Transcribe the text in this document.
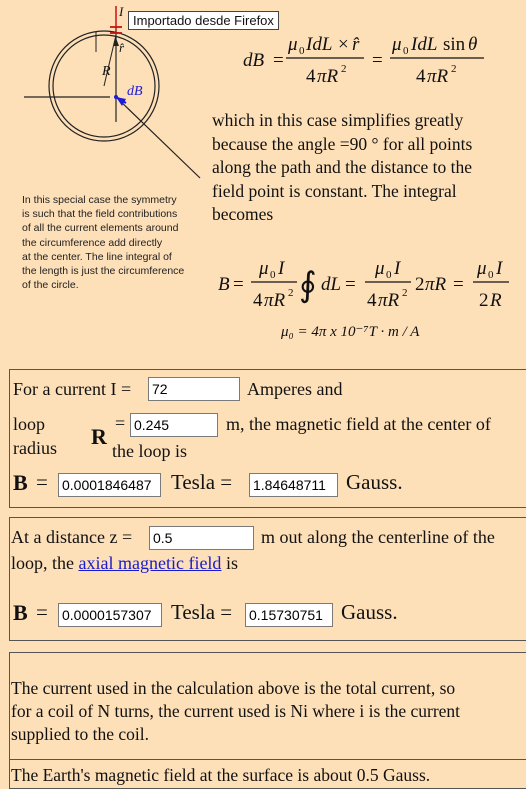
R
dB
r̂
I
Importado desde Firefox
dB =
μ 0 IdL × r̂
4 πR 2 =
μ 0 IdL sin θ
4 πR 2
which in this case simplifies greatly
because the angle =90 ° for all points
along the path and the distance to the
field point is constant. The integral
becomes
In this special case the symmetry
is such that the field contributions
of all the current elements around
the circumference add directly
at the center. The line integral of
the length is just the circumference
of the circle.	B =
μ 0 I
4 πR 2 ∮ dL =
μ 0 I
4 πR 2 2 πR =
μ 0 I
2 R
μ₀ = 4π x 10⁻⁷T · m / A
For a current I = 72	Amperes and
loop
radius R
= 0.245	m, the magnetic field at the center of
the loop is
B = 0.0001846487 Tesla = 1.84648711 Gauss.
At a distance z = 0.5	m out along the centerline of the
loop, the axial magnetic field is
B = 0.0000157307 Tesla = 0.15730751 Gauss.
The current used in the calculation above is the total current, so
for a coil of N turns, the current used is Ni where i is the current
supplied to the coil.
The Earth's magnetic field at the surface is about 0.5 Gauss.
